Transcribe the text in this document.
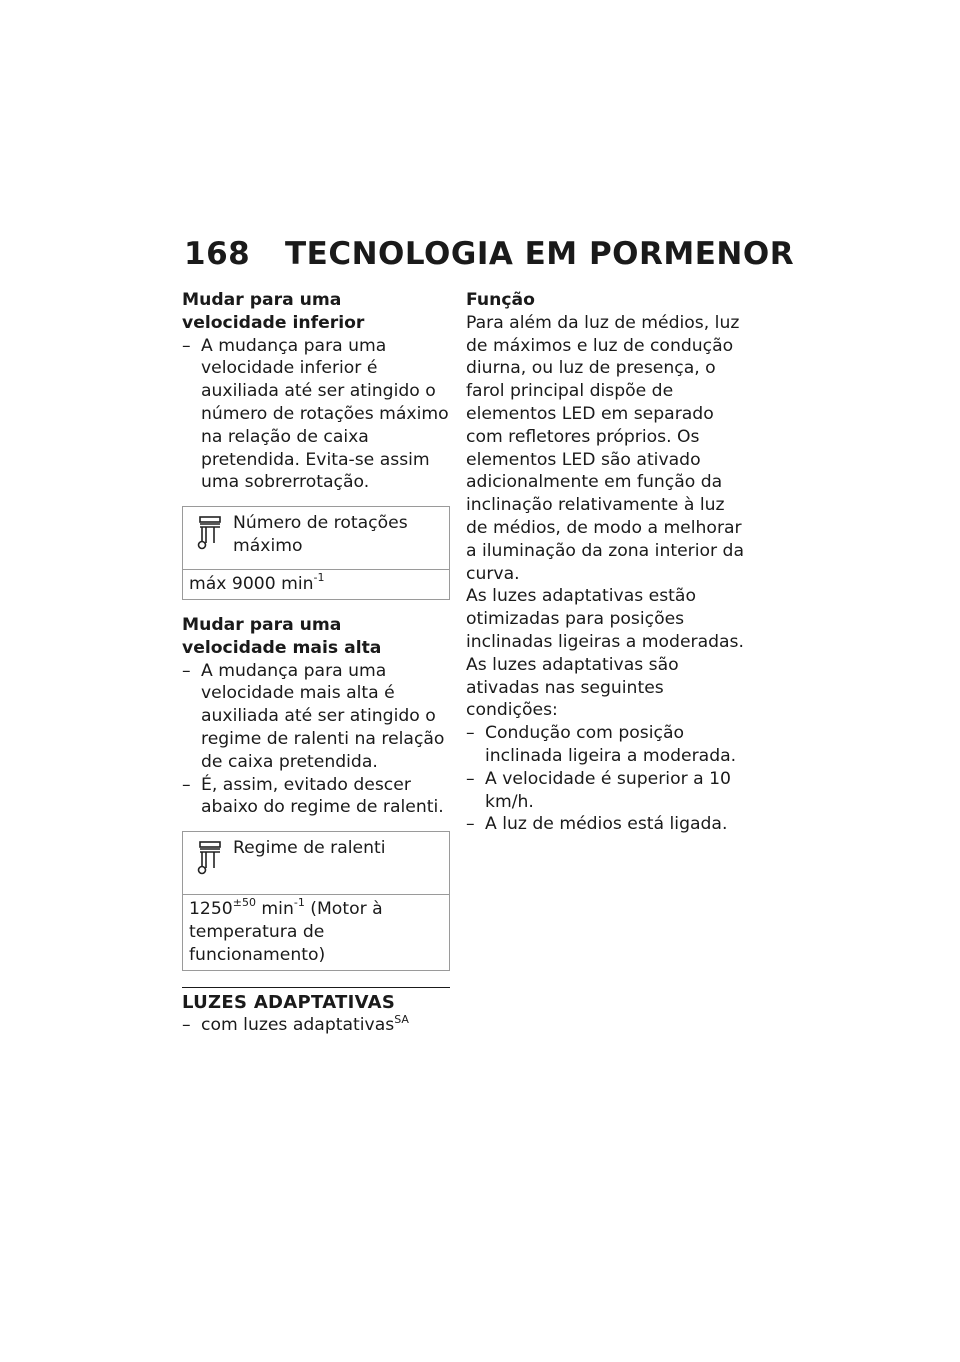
168 TECNOLOGIA EM PORMENOR
Mudar para uma velocidade inferior
– A mudança para uma velocidade inferior é auxiliada até ser atingido o número de rotações máximo na relação de caixa pretendida. Evita-se assim uma sobrerrotação.
Número de rotações máximo
máx 9000 $\min^{-1}$
Mudar para uma velocidade mais alta
– A mudança para uma velocidade mais alta é auxiliada até ser atingido o regime de ralenti na relação de caixa pretendida.
– É, assim, evitado descer abaixo do regime de ralenti.
Regime de ralenti
$1250^{\pm 50}$ $\min^{-1}$ (Motor à temperatura de funcionamento)
LUZES ADAPTATIVAS
– com luzes adaptativas$^{SA}$
Função
Para além da luz de médios, luz de máximos e luz de condução diurna, ou luz de presença, o farol principal dispõe de elementos LED em separado com refletores próprios. Os elementos LED são ativado adicionalmente em função da inclinação relativamente à luz de médios, de modo a melhorar a iluminação da zona interior da curva.
As luzes adaptativas estão otimizadas para posições inclinadas ligeiras a moderadas.
As luzes adaptativas são ativadas nas seguintes condições:
– Condução com posição inclinada ligeira a moderada.
– A velocidade é superior a 10 km/h.
– A luz de médios está ligada.
